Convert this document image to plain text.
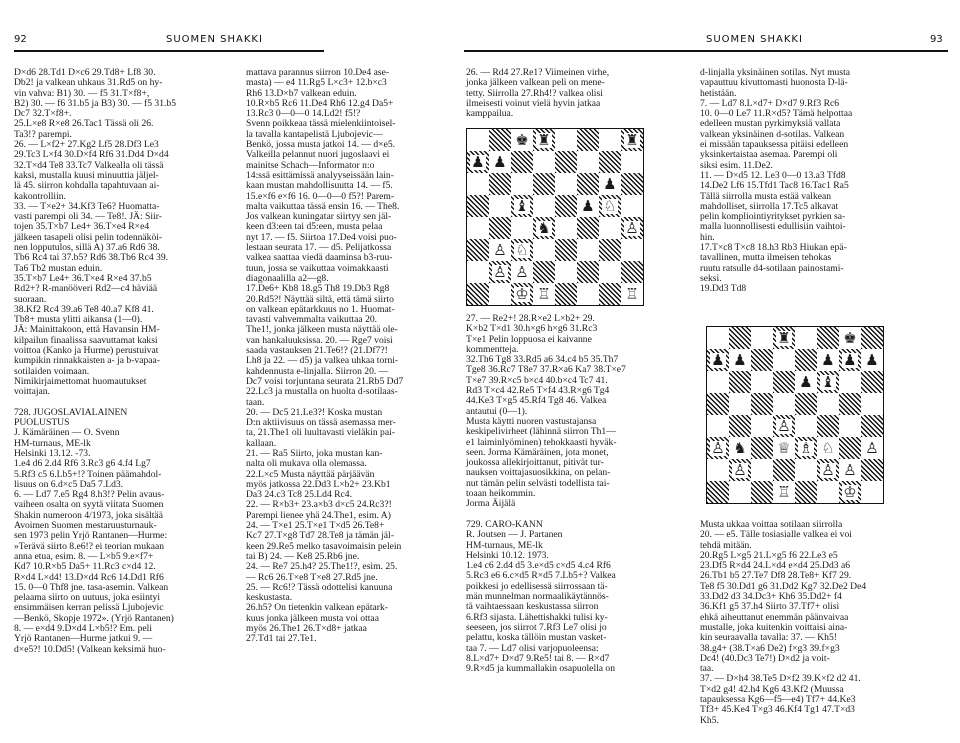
92	SUOMEN SHAKKI	SUOMEN SHAKKI	93
D×d6 28.Td1 D×c6 29.Td8+ Lf8 30.
Db2! ja valkean uhkaus 31.Rd5 on hy-
vin vahva: B1) 30. — f5 31.T×f8+,
B2) 30. — f6 31.b5 ja B3) 30. — f5 31.b5
Dc7 32.T×f8+.
25.L×e8 R×e8 26.Tac1 Tässä oli 26.
Ta3!? parempi.
26. — L×f2+ 27.Kg2 Lf5 28.Df3 Le3
29.Tc3 L×f4 30.D×f4 Rf6 31.Dd4 D×d4
32.T×d4 Te8 33.Tc7 Valkealla oli tässä
kaksi, mustalla kuusi minuuttia jäljel-
lä 45. siirron kohdalla tapahtuvaan ai-
kakontrolliin.
33. — T×e2+ 34.Kf3 Te6? Huomatta-
vasti parempi oli 34. — Te8!. JÄ: Siir-
tojen 35.T×b7 Le4+ 36.T×e4 R×e4
jälkeen tasapeli olisi pelin todennäköi-
nen lopputulos, sillä A) 37.a6 Rd6 38.
Tb6 Rc4 tai 37.b5? Rd6 38.Tb6 Rc4 39.
Ta6 Tb2 mustan eduin.
35.T×b7 Le4+ 36.T×e4 R×e4 37.b5
Rd2+? R-manööveri Rd2—c4 häviää
suoraan.
38.Kf2 Rc4 39.a6 Te8 40.a7 Kf8 41.
Tb8+ musta ylitti aikansa (1—0).
JÄ: Mainittakoon, että Havansin HM-
kilpailun finaalissa saavuttamat kaksi
voittoa (Kanko ja Hurme) perustuivat
kumpikin rinnakkaisten a- ja b-vapaa-
sotilaiden voimaan.
Nimikirjaimettomat huomautukset
voittajan.
728. JUGOSLAVIALAINEN
PUOLUSTUS
J. Kämäräinen — O. Svenn
HM-turnaus, ME-lk
Helsinki 13.12. -73.
1.e4 d6 2.d4 Rf6 3.Rc3 g6 4.f4 Lg7
5.Rf3 c5 6.Lb5+!? Toinen päämahdol-
lisuus on 6.d×c5 Da5 7.Ld3.
6. — Ld7 7.e5 Rg4 8.h3!? Pelin avaus-
vaiheen osalta on syytä viitata Suomen
Shakin numeroon 4/1973, joka sisältää
Avoimen Suomen mestaruusturnauk-
sen 1973 pelin Yrjö Rantanen—Hurme:
»Terävä siirto 8.e6!? ei teorian mukaan
anna etua, esim. 8. — L×b5 9.e×f7+
Kd7 10.R×b5 Da5+ 11.Rc3 c×d4 12.
R×d4 L×d4! 13.D×d4 Rc6 14.Dd1 Rf6
15. 0—0 Thf8 jne. tasa-asemin. Valkean
pelaama siirto on uutuus, joka esiintyi
ensimmäisen kerran pelissä Ljubojevic
—Benkö, Skopje 1972». (Yrjö Rantanen)
8. — e×d4 9.D×d4 L×b5!? Em. peli
Yrjö Rantanen—Hurme jatkui 9. —
d×e5?! 10.Dd5! (Valkean keksimä huo-
mattava parannus siirron 10.De4 ase-
masta) — e4 11.Rg5 L×c3+ 12.b×c3
Rh6 13.D×b7 valkean eduin.
10.R×b5 Rc6 11.De4 Rh6 12.g4 Da5+
13.Rc3 0—0—0 14.Ld2! f5!?
Svenn poikkeaa tässä mielenkiintoisel-
la tavalla kantapelistä Ljubojevic—
Benkö, jossa musta jatkoi 14. — d×e5.
Valkeilla pelannut nuori jugoslaavi ei
mainitse Schach—Informator n:o
14:ssä esittämissä analyyseissään lain-
kaan mustan mahdollisuutta 14. — f5.
15.e×f6 e×f6 16. 0—0—0 f5?! Parem-
malta vaikuttaa tässä ensin 16. — The8.
Jos valkean kuningatar siirtyy sen jäl-
keen d3:een tai d5:een, musta pelaa
nyt 17. — f5. Siirtoa 17.De4 voisi puo-
lestaan seurata 17. — d5. Pelijatkossa
valkea saattaa viedä daaminsa b3-ruu-
tuun, jossa se vaikuttaa voimakkaasti
diagonaalilla a2—g8.
17.De6+ Kb8 18.g5 Th8 19.Db3 Rg8
20.Rd5?! Näyttää siltä, että tämä siirto
on valkean epätarkkuus no 1. Huomat-
tavasti vahvemmalta vaikuttaa 20.
The1!, jonka jälkeen musta näyttää ole-
van hankaluuksissa. 20. — Rge7 voisi
saada vastauksen 21.Te6!? (21.Df7?!
Lh8 ja 22. — d5) ja valkea uhkaa torni-
kahdennusta e-linjalla. Siirron 20. —
Dc7 voisi torjuntana seurata 21.Rb5 Dd7
22.Lc3 ja mustalla on huolta d-sotilaas-
taan.
20. — Dc5 21.Le3?! Koska mustan
D:n aktiivisuus on tässä asemassa mer-
ta, 21.The1 oli luultavasti vieläkin pai-
kallaan.
21. — Ra5 Siirto, joka mustan kan-
nalta oli mukava olla olemassa.
22.L×c5 Musta näyttää pärjäävän
myös jatkossa 22.Dd3 L×b2+ 23.Kb1
Da3 24.c3 Tc8 25.Ld4 Rc4.
22. — R×b3+ 23.a×b3 d×c5 24.Rc3?!
Parempi lienee yhä 24.The1, esim. A)
24. — T×e1 25.T×e1 T×d5 26.Te8+
Kc7 27.T×g8 Td7 28.Te8 ja tämän jäl-
keen 29.Re5 melko tasavoimaisin pelein
tai B) 24. — Ke8 25.Rb6 jne.
24. — Re7 25.h4? 25.The1!?, esim. 25.
— Rc6 26.T×e8 T×e8 27.Rd5 jne.
25. — Rc6!? Tässä odottelisi kanuuna
keskustasta.
26.h5? On tietenkin valkean epätark-
kuus jonka jälkeen musta voi ottaa
myös 26.The1 26.T×d8+ jatkaa
27.Td1 tai 27.Te1.
26. — Rd4 27.Re1? Viimeinen virhe,
jonka jälkeen valkean peli on mene-
tetty. Siirrolla 27.Rh4!? valkea olisi
ilmeisesti voinut vielä hyvin jatkaa
kamppailua.
27. — Re2+! 28.R×e2 L×b2+ 29.
K×b2 T×d1 30.h×g6 h×g6 31.Rc3
T×e1 Pelin loppuosa ei kaivanne
kommentteja.
32.Th6 Tg8 33.Rd5 a6 34.c4 b5 35.Th7
Tge8 36.Rc7 T8e7 37.R×a6 Ka7 38.T×e7
T×e7 39.R×c5 b×c4 40.b×c4 Tc7 41.
Rd3 T×c4 42.Re5 T×f4 43.R×g6 Tg4
44.Ke3 T×g5 45.Rf4 Tg8 46. Valkea
antautui (0—1).
Musta käytti nuoren vastustajansa
keskipelivirheet (lähinnä siirron Th1—
e1 laiminlyöminen) tehokkaasti hyväk-
seen. Jorma Kämäräinen, jota monet,
joukossa allekirjoittanut, pitivät tur-
nauksen voittajasuosikkina, on pelan-
nut tämän pelin selvästi todellista tai-
toaan heikommin.
Jorma Äijälä
729. CARO-KANN
R. Joutsen — J. Partanen
HM-turnaus, ME-lk
Helsinki 10.12. 1973.
1.e4 c6 2.d4 d5 3.e×d5 c×d5 4.c4 Rf6
5.Rc3 e6 6.c×d5 R×d5 7.Lb5+? Valkea
poikkesi jo edellisessä siirrossaan tä-
män munnelman normaalikäytännös-
tä vaihtaessaan keskustassa siirron
6.Rf3 sijasta. Lähettishakki tulisi ky-
seeseen, jos siirrot 7.Rf3 Le7 olisi jo
pelattu, koska tällöin mustan vasket-
taa 7. — Ld7 olisi varjopuoleensa:
8.L×d7+ D×d7 9.Re5! tai 8. — R×d7
9.R×d5 ja kummallakin osapuolella on
d-linjalla yksinäinen sotilas. Nyt musta
vapauttuu kivuttomasti huonosta D-lä-
hetistään.
7. — Ld7 8.L×d7+ D×d7 9.Rf3 Rc6
10. 0—0 Le7 11.R×d5? Tämä helpottaa
edelleen mustan pyrkimyksiä vallata
valkean yksinäinen d-sotilas. Valkean
ei missään tapauksessa pitäisi edelleen
yksinkertaistaa asemaa. Parempi oli
siksi esim. 11.De2.
11. — D×d5 12. Le3 0—0 13.a3 Tfd8
14.De2 Lf6 15.Tfd1 Tac8 16.Tac1 Ra5
Tällä siirrolla musta estää valkean
mahdolliset, siirrolla 17.Tc5 alkavat
pelin kompliointiyritykset pyrkien sa-
malla luonnollisesti edullisiin vaihtoi-
hin.
17.T×c8 T×c8 18.h3 Rb3 Hiukan epä-
tavallinen, mutta ilmeisen tehokas
ruutu ratsulle d4-sotilaan painostami-
seksi.
19.Dd3 Td8
Musta ukkaa voittaa sotilaan siirrolla
20. — e5. Tälle tosiasialle valkea ei voi
tehdä mitään.
20.Rg5 L×g5 21.L×g5 f6 22.Le3 e5
23.Df5 R×d4 24.L×d4 e×d4 25.Dd3 a6
26.Tb1 b5 27.Te7 Df8 28.Te8+ Kf7 29.
Te8 f5 30.Dd1 g6 31.Dd2 Kg7 32.De2 De4
33.Dd2 d3 34.Dc3+ Kh6 35.Dd2+ f4
36.Kf1 g5 37.h4 Siirto 37.Tf7+ olisi
ehkä aiheuttanut enemmän päänvaivaa
mustalle, joka kuitenkin voittaisi aina-
kin seuraavalla tavalla: 37. — Kh5!
38.g4+ (38.T×a6 De2) f×g3 39.f×g3
Dc4! (40.Dc3 Te7!) D×d2 ja voit-
taa.
37. — D×h4 38.Te5 D×f2 39.K×f2 d2 41.
T×d2 g4! 42.h4 Kg6 43.Kf2 (Muussa
tapauksessa Kg6—f5—e4) Tf7+ 44.Ke3
Tf3+ 45.Ke4 T×g3 46.Kf4 Tg1 47.T×d3
Kh5.
♚ ♜	♜
♟ ♟
♟
♝	♟ ♘
♞	♙
♙ ♘
♙ ♙
♔ ♖	♖
♜	♚
♟ ♟	♟ ♟ ♟
♟ ♝
♙
♙ ♞ ♕ ♗ ♘ ♙
♙	♙ ♙
♖	♔
